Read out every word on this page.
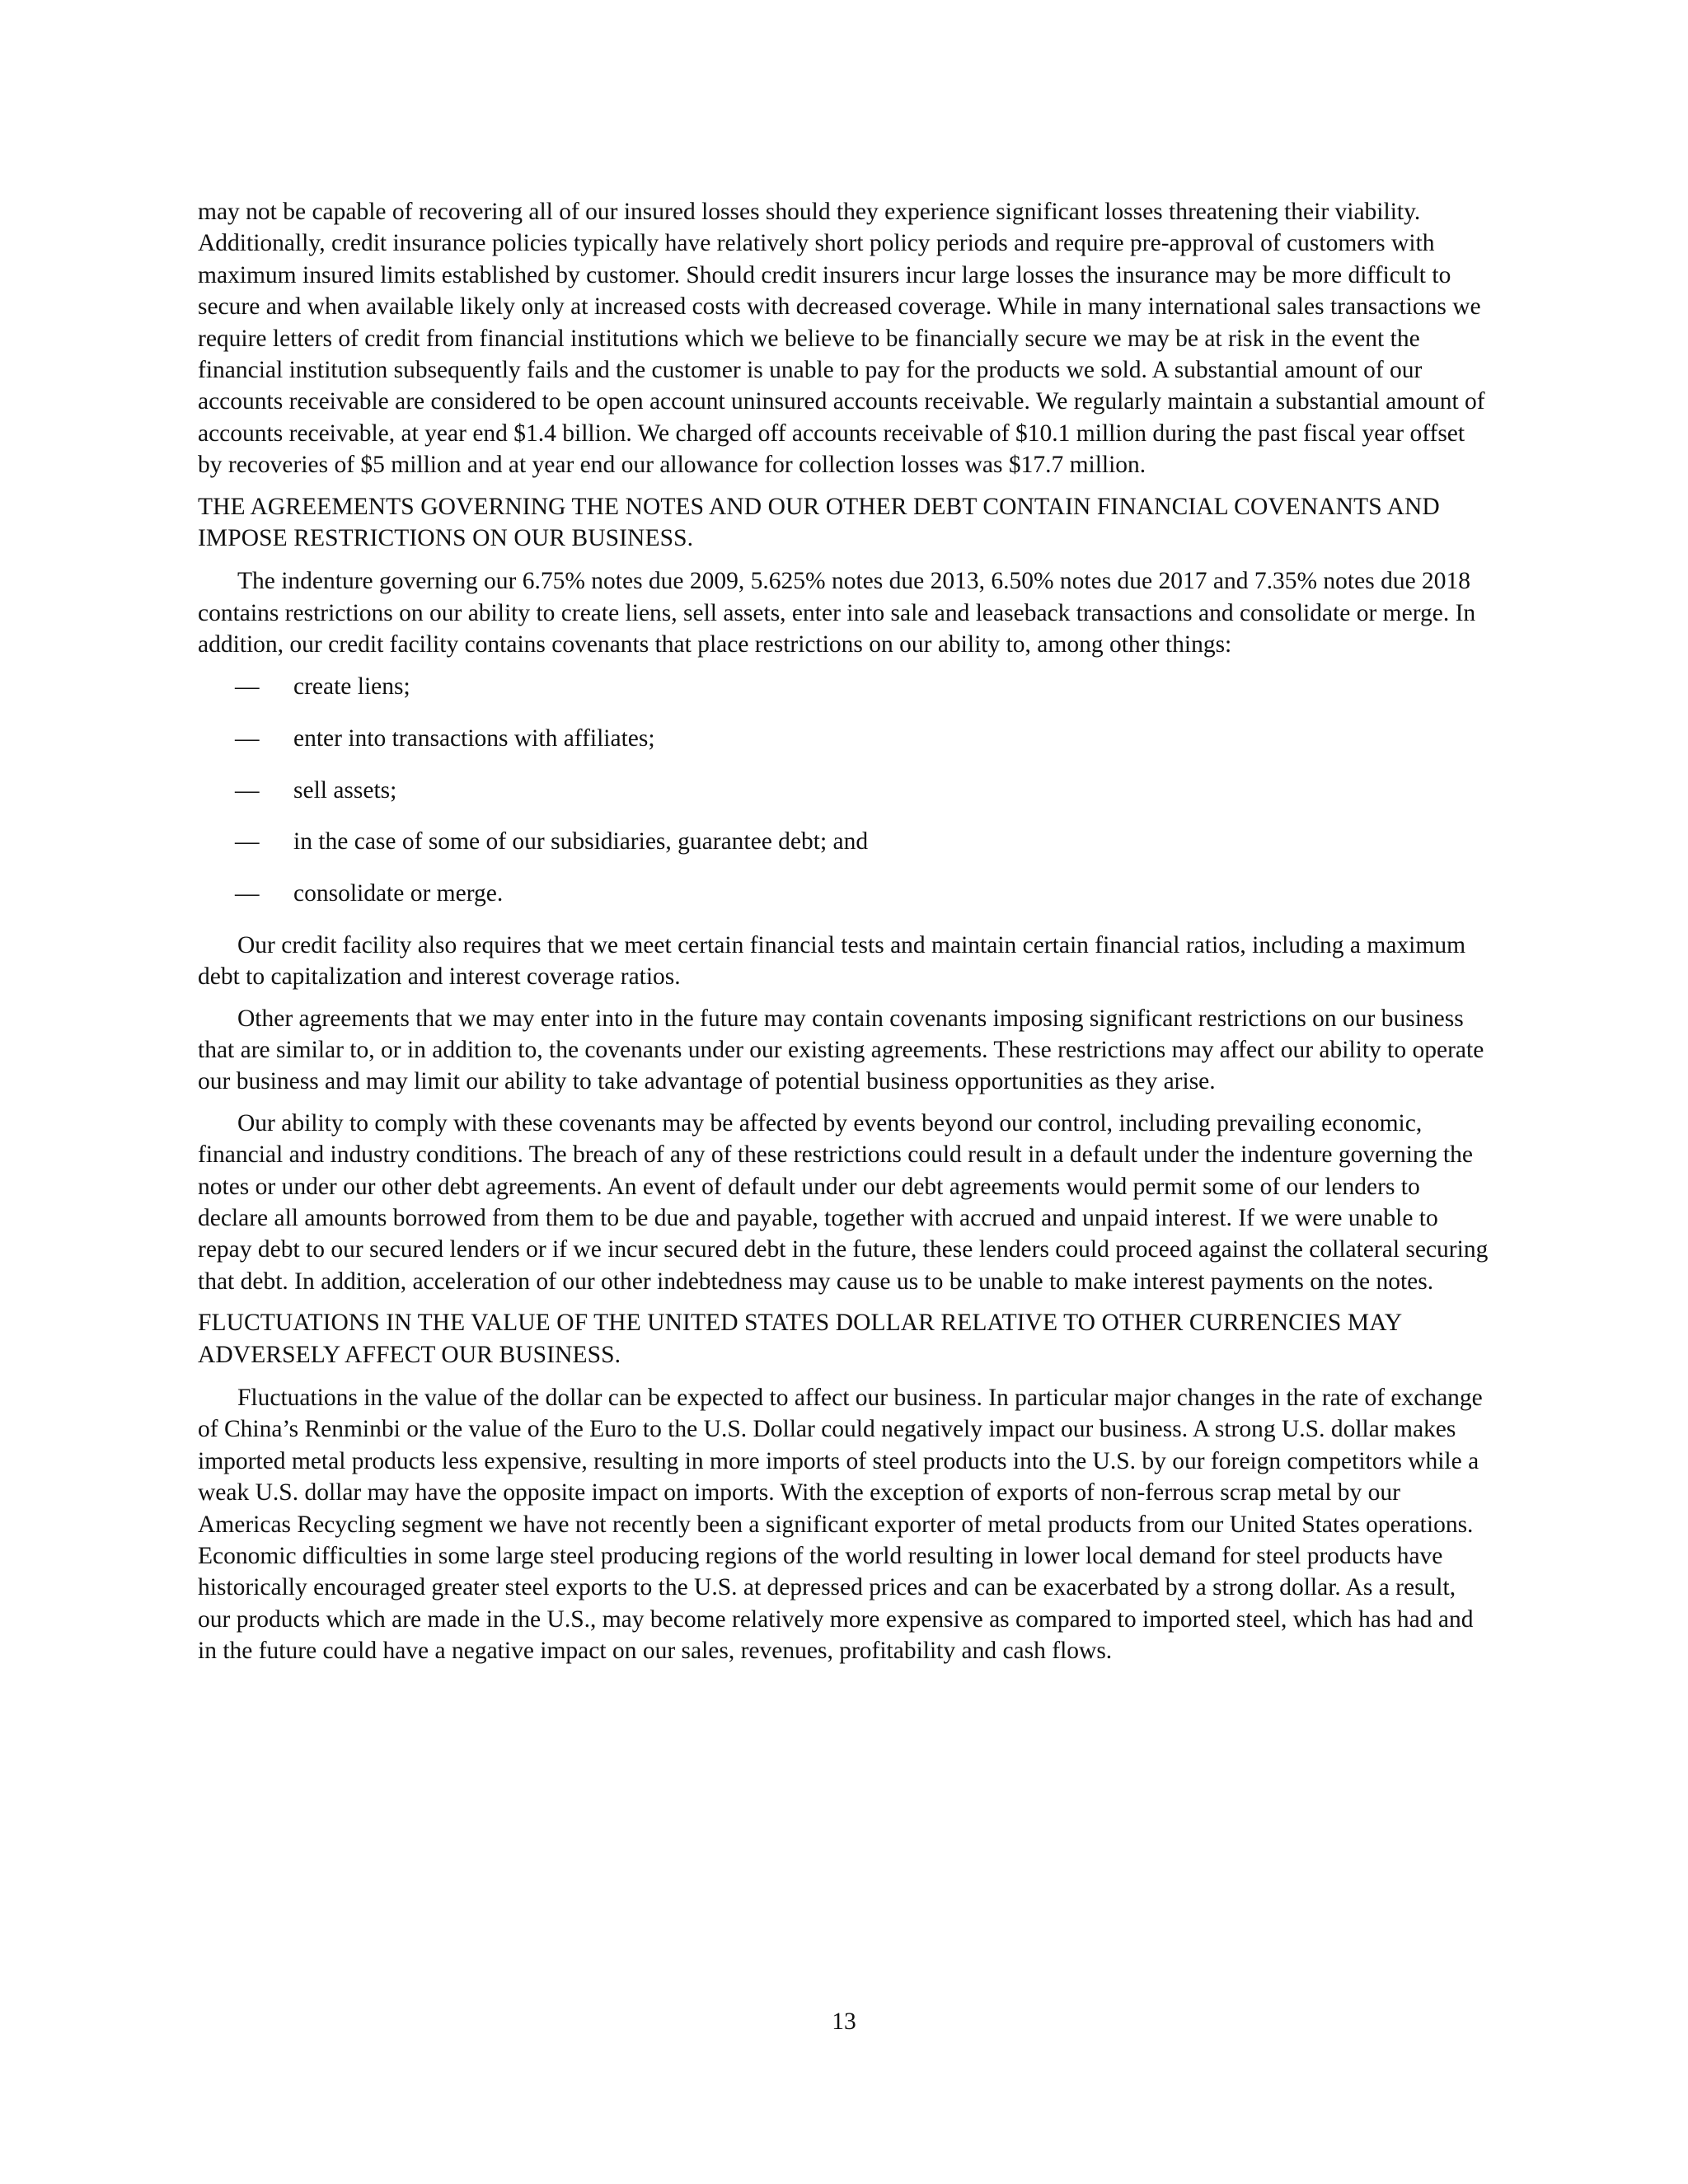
may not be capable of recovering all of our insured losses should they experience significant losses threatening their viability. Additionally, credit insurance policies typically have relatively short policy periods and require pre-approval of customers with maximum insured limits established by customer. Should credit insurers incur large losses the insurance may be more difficult to secure and when available likely only at increased costs with decreased coverage. While in many international sales transactions we require letters of credit from financial institutions which we believe to be financially secure we may be at risk in the event the financial institution subsequently fails and the customer is unable to pay for the products we sold. A substantial amount of our accounts receivable are considered to be open account uninsured accounts receivable. We regularly maintain a substantial amount of accounts receivable, at year end $1.4 billion. We charged off accounts receivable of $10.1 million during the past fiscal year offset by recoveries of $5 million and at year end our allowance for collection losses was $17.7 million.

THE AGREEMENTS GOVERNING THE NOTES AND OUR OTHER DEBT CONTAIN FINANCIAL COVENANTS AND IMPOSE RESTRICTIONS ON OUR BUSINESS.

The indenture governing our 6.75% notes due 2009, 5.625% notes due 2013, 6.50% notes due 2017 and 7.35% notes due 2018 contains restrictions on our ability to create liens, sell assets, enter into sale and leaseback transactions and consolidate or merge. In addition, our credit facility contains covenants that place restrictions on our ability to, among other things:

— create liens;
— enter into transactions with affiliates;
— sell assets;
— in the case of some of our subsidiaries, guarantee debt; and
— consolidate or merge.

Our credit facility also requires that we meet certain financial tests and maintain certain financial ratios, including a maximum debt to capitalization and interest coverage ratios.

Other agreements that we may enter into in the future may contain covenants imposing significant restrictions on our business that are similar to, or in addition to, the covenants under our existing agreements. These restrictions may affect our ability to operate our business and may limit our ability to take advantage of potential business opportunities as they arise.

Our ability to comply with these covenants may be affected by events beyond our control, including prevailing economic, financial and industry conditions. The breach of any of these restrictions could result in a default under the indenture governing the notes or under our other debt agreements. An event of default under our debt agreements would permit some of our lenders to declare all amounts borrowed from them to be due and payable, together with accrued and unpaid interest. If we were unable to repay debt to our secured lenders or if we incur secured debt in the future, these lenders could proceed against the collateral securing that debt. In addition, acceleration of our other indebtedness may cause us to be unable to make interest payments on the notes.

FLUCTUATIONS IN THE VALUE OF THE UNITED STATES DOLLAR RELATIVE TO OTHER CURRENCIES MAY ADVERSELY AFFECT OUR BUSINESS.

Fluctuations in the value of the dollar can be expected to affect our business. In particular major changes in the rate of exchange of China’s Renminbi or the value of the Euro to the U.S. Dollar could negatively impact our business. A strong U.S. dollar makes imported metal products less expensive, resulting in more imports of steel products into the U.S. by our foreign competitors while a weak U.S. dollar may have the opposite impact on imports. With the exception of exports of non-ferrous scrap metal by our Americas Recycling segment we have not recently been a significant exporter of metal products from our United States operations. Economic difficulties in some large steel producing regions of the world resulting in lower local demand for steel products have historically encouraged greater steel exports to the U.S. at depressed prices and can be exacerbated by a strong dollar. As a result, our products which are made in the U.S., may become relatively more expensive as compared to imported steel, which has had and in the future could have a negative impact on our sales, revenues, profitability and cash flows.

13
